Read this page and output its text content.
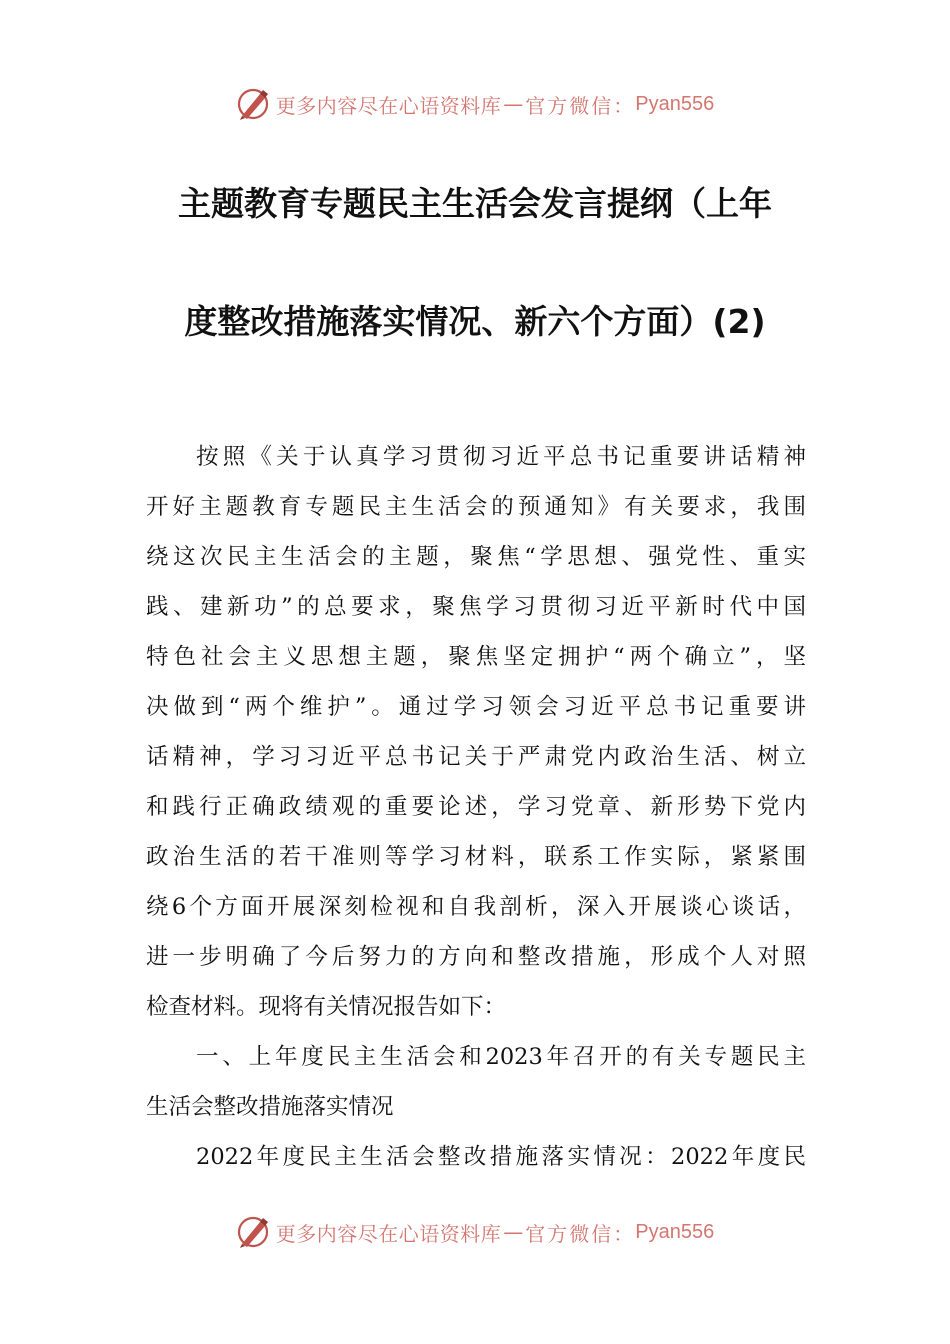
更多内容尽在心语资料库 — 官方微信： Pyan556
主题教育专题民主生活会发言提纲（上年
度整改措施落实情况、新六个方面）(2)
按照《关于认真学习贯彻习近平总书记重要讲话精神
开好主题教育专题民主生活会的预通知》有关要求，我围
绕这次民主生活会的主题，聚焦“学思想、强党性、重实
践、建新功”的总要求，聚焦学习贯彻习近平新时代中国
特色社会主义思想主题，聚焦坚定拥护“两个确立”，坚
决做到“两个维护”。通过学习领会习近平总书记重要讲
话精神，学习习近平总书记关于严肃党内政治生活、树立
和践行正确政绩观的重要论述，学习党章、新形势下党内
政治生活的若干准则等学习材料，联系工作实际，紧紧围
绕6个方面开展深刻检视和自我剖析，深入开展谈心谈话，
进一步明确了今后努力的方向和整改措施，形成个人对照
检查材料。现将有关情况报告如下：
一、上年度民主生活会和2023年召开的有关专题民主
生活会整改措施落实情况
2022年度民主生活会整改措施落实情况：2022年度民
更多内容尽在心语资料库 — 官方微信： Pyan556
